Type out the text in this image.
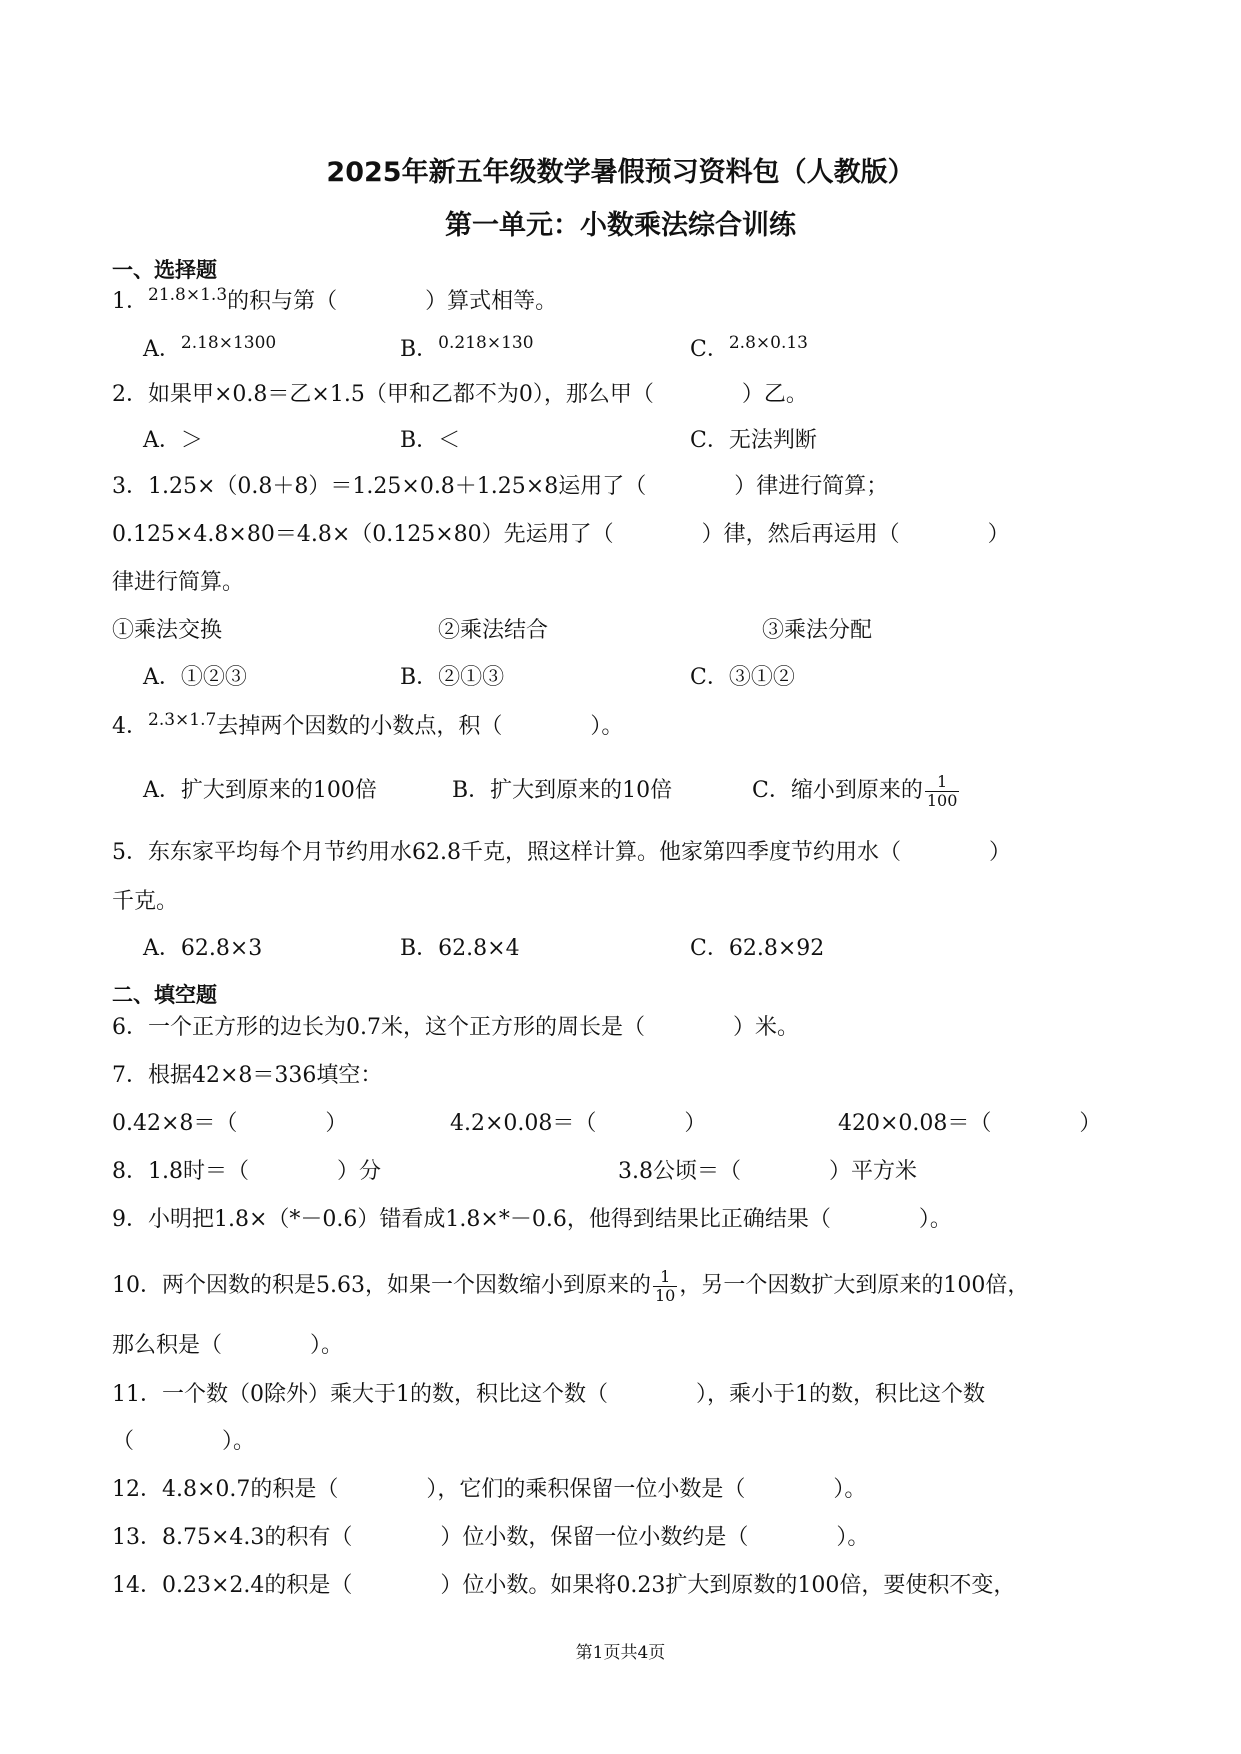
2025年新五年级数学暑假预习资料包（人教版）
第一单元：小数乘法综合训练
一、选择题
1．$^{21.8\times 1.3}$的积与第（　　　　）算式相等。
A．$^{2.18\times 1300}$	B．$^{0.218\times 130}$	C．$^{2.8\times 0.13}$
2．如果甲×0.8＝乙×1.5（甲和乙都不为0），那么甲（　　　　）乙。
A．＞	B．＜	C．无法判断
3．1.25×（0.8＋8）＝1.25×0.8＋1.25×8运用了（　　　　）律进行简算；
0.125×4.8×80＝4.8×（0.125×80）先运用了（　　　　）律，然后再运用（　　　　）
律进行简算。
①乘法交换	②乘法结合	③乘法分配
A．①②③	B．②①③	C．③①②
4．$^{2.3\times 1.7}$去掉两个因数的小数点，积（　　　　）。
A．扩大到原来的100倍	B．扩大到原来的10倍	C．缩小到原来的 $\frac{1}{100}$
5．东东家平均每个月节约用水62.8千克，照这样计算。他家第四季度节约用水（　　　　）
千克。
A．62.8×3	B．62.8×4	C．62.8×92
二、填空题
6．一个正方形的边长为0.7米，这个正方形的周长是（　　　　）米。
7．根据42×8＝336填空：
0.42×8＝（　　　　）	4.2×0.08＝（　　　　）	420×0.08＝（　　　　）
8．1.8时＝（　　　　）分	3.8公顷＝（　　　　）平方米
9．小明把1.8×（*－0.6）错看成1.8×*－0.6，他得到结果比正确结果（　　　　）。
10．两个因数的积是5.63，如果一个因数缩小到原来的 $\frac{1}{10}$ ，另一个因数扩大到原来的100倍，
那么积是（　　　　）。
11．一个数（0除外）乘大于1的数，积比这个数（　　　　），乘小于1的数，积比这个数
（　　　　）。
12．4.8×0.7的积是（　　　　），它们的乘积保留一位小数是（　　　　）。
13．8.75×4.3的积有（　　　　）位小数，保留一位小数约是（　　　　）。
14．0.23×2.4的积是（　　　　）位小数。如果将0.23扩大到原数的100倍，要使积不变，
第1页共4页
